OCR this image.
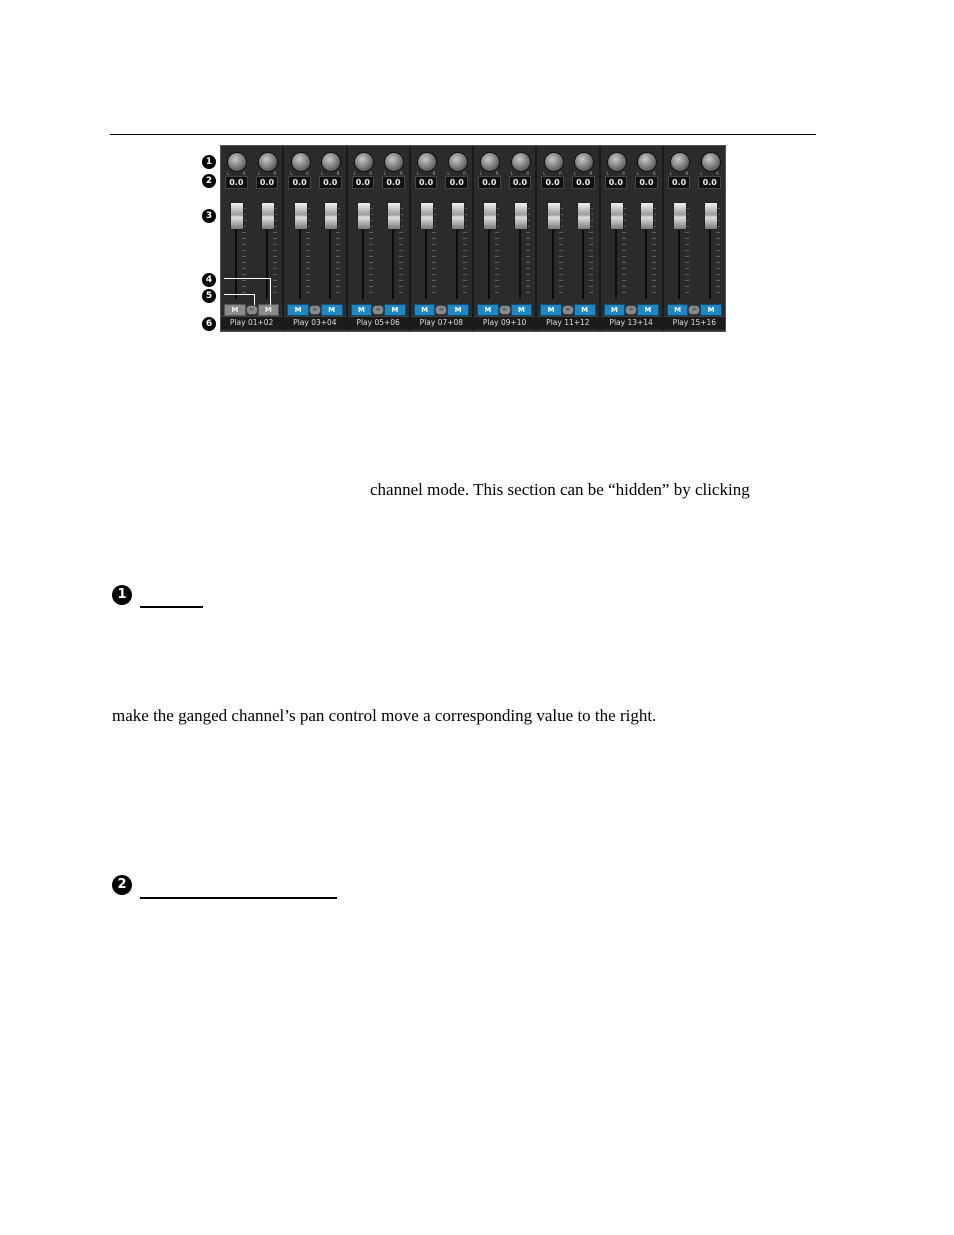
1
2
3
4
5
6
L	R
0.0
L	R
0.0
M	∞	M
Play 01+02
L	R
0.0
L	R
0.0
M	∞	M
Play 03+04
L	R
0.0
L	R
0.0
M	∞	M
Play 05+06
L	R
0.0
L	R
0.0
M	∞	M
Play 07+08
L	R
0.0
L	R
0.0
M	∞	M
Play 09+10
L	R
0.0
L	R
0.0
M	∞	M
Play 11+12
L	R
0.0
L	R
0.0
M	∞	M
Play 13+14
L	R
0.0
L	R
0.0
M	∞	M
Play 15+16
channel mode. This section can be “hidden” by clicking
1
make the ganged channel’s pan control move a corresponding value to the right.
2
